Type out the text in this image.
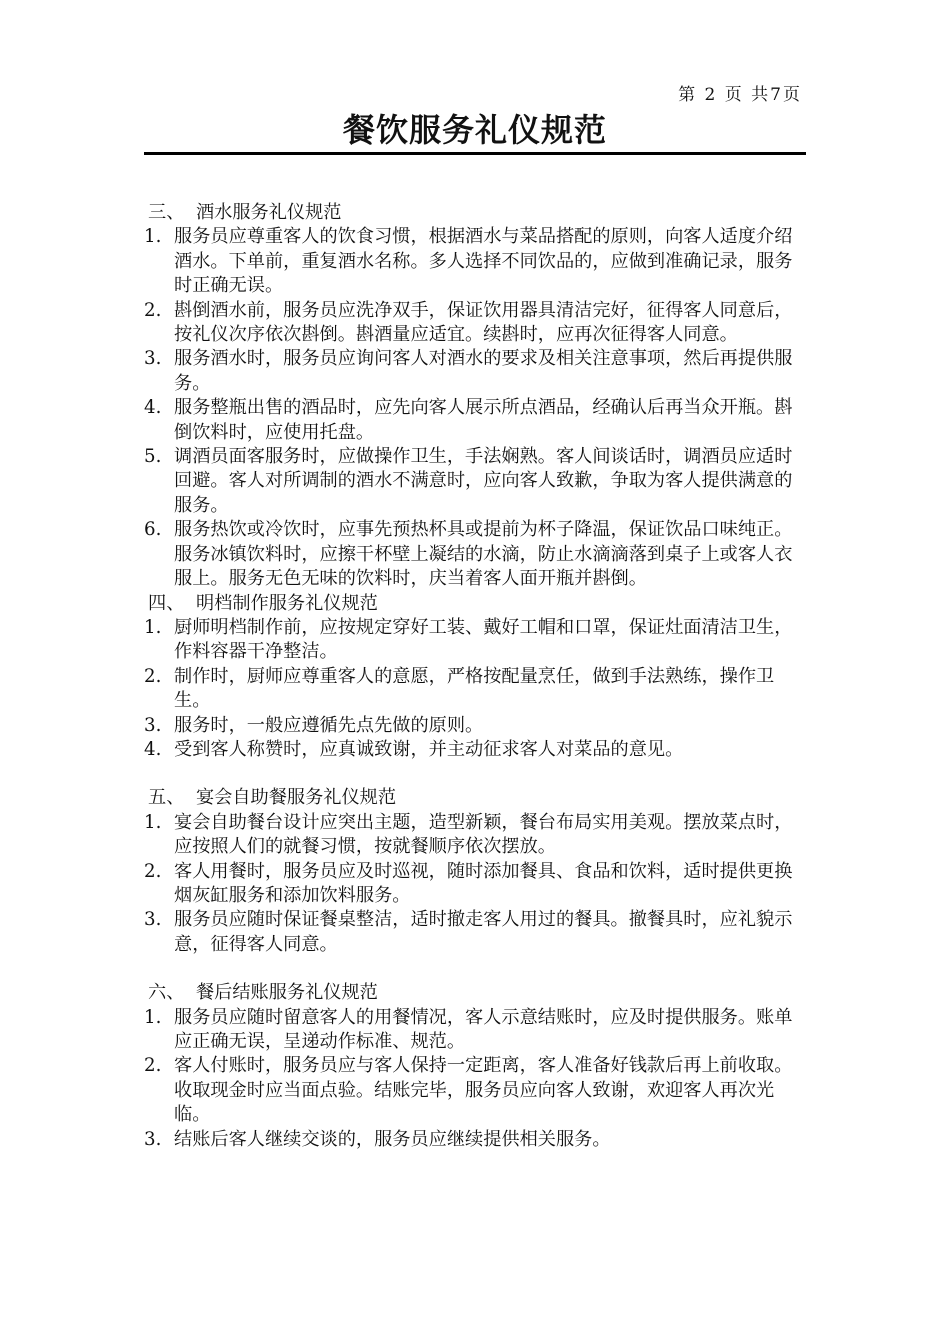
第 2 页 共7页
餐饮服务礼仪规范
三、  酒水服务礼仪规范
1. 服务员应尊重客人的饮食习惯，根据酒水与菜品搭配的原则，向客人适度介绍酒水。下单前，重复酒水名称。多人选择不同饮品的，应做到准确记录，服务时正确无误。
2. 斟倒酒水前，服务员应洗净双手，保证饮用器具清洁完好，征得客人同意后，按礼仪次序依次斟倒。斟酒量应适宜。续斟时，应再次征得客人同意。
3. 服务酒水时，服务员应询问客人对酒水的要求及相关注意事项，然后再提供服务。
4. 服务整瓶出售的酒品时，应先向客人展示所点酒品，经确认后再当众开瓶。斟倒饮料时，应使用托盘。
5. 调酒员面客服务时，应做操作卫生，手法娴熟。客人间谈话时，调酒员应适时回避。客人对所调制的酒水不满意时，应向客人致歉，争取为客人提供满意的服务。
6. 服务热饮或冷饮时，应事先预热杯具或提前为杯子降温，保证饮品口味纯正。服务冰镇饮料时，应擦干杯壁上凝结的水滴，防止水滴滴落到桌子上或客人衣服上。服务无色无味的饮料时，庆当着客人面开瓶并斟倒。
四、  明档制作服务礼仪规范
1. 厨师明档制作前，应按规定穿好工装、戴好工帽和口罩，保证灶面清洁卫生，作料容器干净整洁。
2. 制作时，厨师应尊重客人的意愿，严格按配量烹任，做到手法熟练，操作卫生。
3. 服务时，一般应遵循先点先做的原则。
4. 受到客人称赞时，应真诚致谢，并主动征求客人对菜品的意见。
五、  宴会自助餐服务礼仪规范
1. 宴会自助餐台设计应突出主题，造型新颖，餐台布局实用美观。摆放菜点时，应按照人们的就餐习惯，按就餐顺序依次摆放。
2. 客人用餐时，服务员应及时巡视，随时添加餐具、食品和饮料，适时提供更换烟灰缸服务和添加饮料服务。
3. 服务员应随时保证餐桌整洁，适时撤走客人用过的餐具。撤餐具时，应礼貌示意，征得客人同意。
六、  餐后结账服务礼仪规范
1. 服务员应随时留意客人的用餐情况，客人示意结账时，应及时提供服务。账单应正确无误，呈递动作标准、规范。
2. 客人付账时，服务员应与客人保持一定距离，客人准备好钱款后再上前收取。收取现金时应当面点验。结账完毕，服务员应向客人致谢，欢迎客人再次光临。
3. 结账后客人继续交谈的，服务员应继续提供相关服务。
